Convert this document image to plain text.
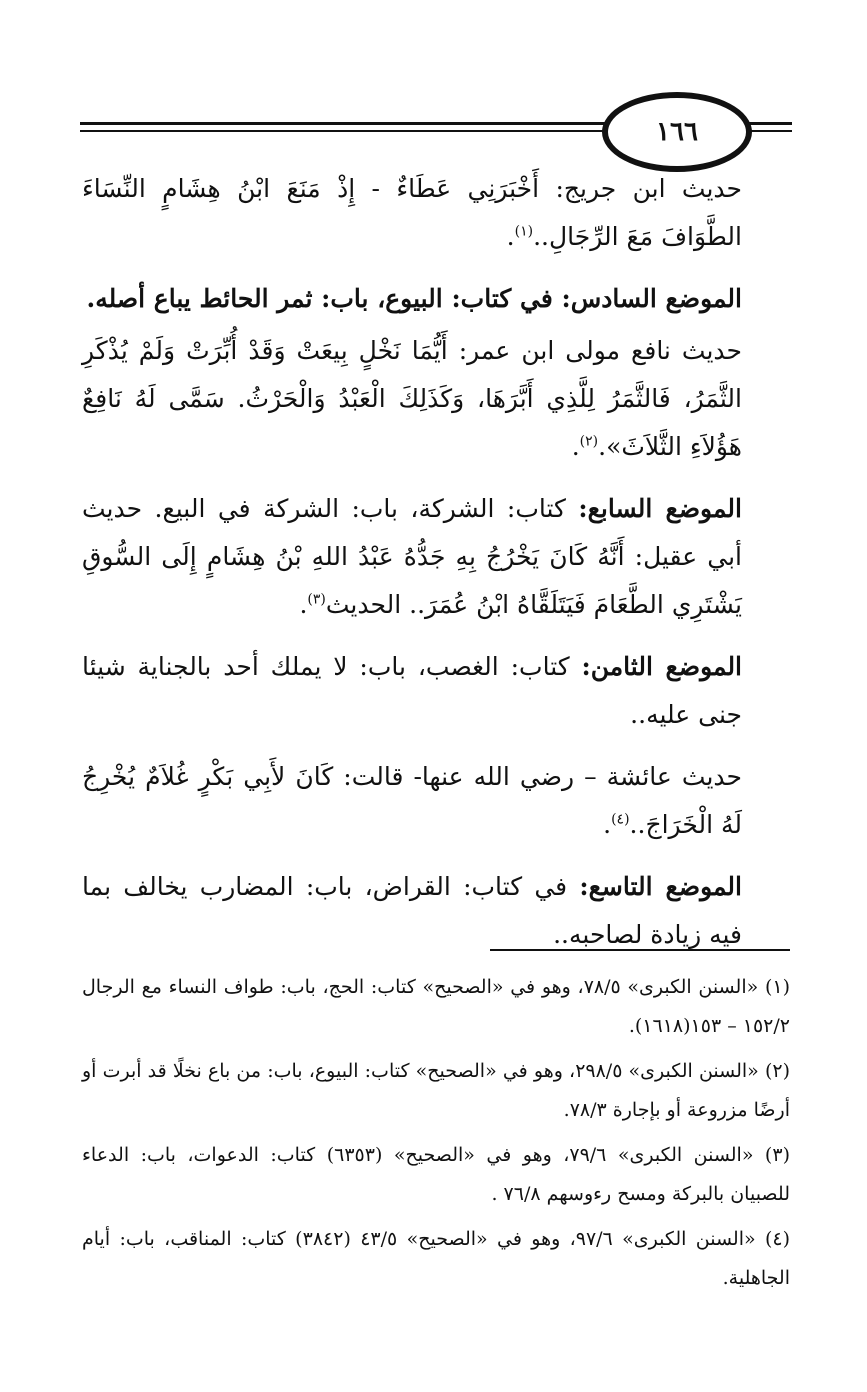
١٦٦

حديث ابن جريج: أَخْبَرَنِي عَطَاءٌ - إِذْ مَنَعَ ابْنُ هِشَامٍ النِّسَاءَ الطَّوَافَ مَعَ الرِّجَالِ..$^{(١)}$.

الموضع السادس: في كتاب: البيوع، باب: ثمر الحائط يباع أصله.

حديث نافع مولى ابن عمر: أَيُّمَا نَخْلٍ بِيعَتْ وَقَدْ أُبِّرَتْ وَلَمْ يُذْكَرِ الثَّمَرُ، فَالثَّمَرُ لِلَّذِي أَبَّرَهَا، وَكَذَلِكَ الْعَبْدُ وَالْحَرْثُ. سَمَّى لَهُ نَافِعٌ هَؤُلاَءِ الثَّلاَثَ».$^{(٢)}$.

الموضع السابع: كتاب: الشركة، باب: الشركة في البيع. حديث أبي عقيل: أَنَّهُ كَانَ يَخْرُجُ بِهِ جَدُّهُ عَبْدُ اللهِ بْنُ هِشَامٍ إِلَى السُّوقِ يَشْتَرِي الطَّعَامَ فَيَتَلَقَّاهُ ابْنُ عُمَرَ.. الحديث$^{(٣)}$.

الموضع الثامن: كتاب: الغصب، باب: لا يملك أحد بالجناية شيئا جنى عليه..

حديث عائشة – رضي الله عنها- قالت: كَانَ لأَبِي بَكْرٍ غُلاَمٌ يُخْرِجُ لَهُ الْخَرَاجَ..$^{(٤)}$.

الموضع التاسع: في كتاب: القراض، باب: المضارب يخالف بما فيه زيادة لصاحبه..

(١) «السنن الكبرى» ٧٨/٥، وهو في «الصحيح» كتاب: الحج، باب: طواف النساء مع الرجال ١٥٢/٢ – ١٥٣(١٦١٨).

(٢) «السنن الكبرى» ٢٩٨/٥، وهو في «الصحيح» كتاب: البيوع، باب: من باع نخلًا قد أبرت أو أرضًا مزروعة أو بإجارة ٧٨/٣.

(٣) «السنن الكبرى» ٧٩/٦، وهو في «الصحيح» (٦٣٥٣) كتاب: الدعوات، باب: الدعاء للصبيان بالبركة ومسح رءوسهم ٧٦/٨ .

(٤) «السنن الكبرى» ٩٧/٦، وهو في «الصحيح» ٤٣/٥ (٣٨٤٢) كتاب: المناقب، باب: أيام الجاهلية.
